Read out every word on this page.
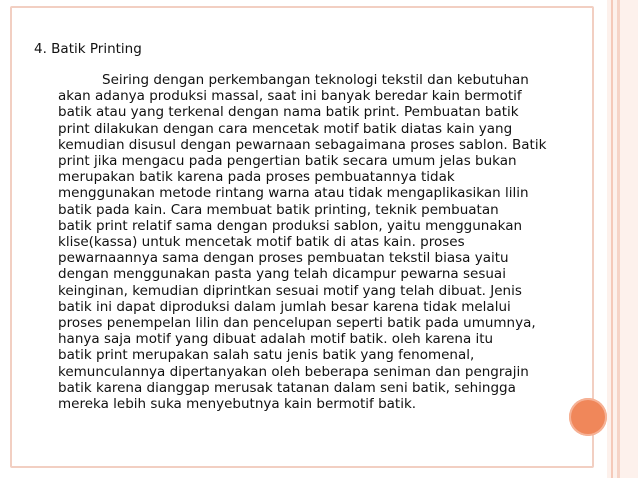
4. Batik Printing

Seiring dengan perkembangan teknologi tekstil dan kebutuhan
akan adanya produksi massal, saat ini banyak beredar kain bermotif
batik atau yang terkenal dengan nama batik print. Pembuatan batik
print dilakukan dengan cara mencetak motif batik diatas kain yang
kemudian disusul dengan pewarnaan sebagaimana proses sablon. Batik
print jika mengacu pada pengertian batik secara umum jelas bukan
merupakan batik karena pada proses pembuatannya tidak
menggunakan metode rintang warna atau tidak mengaplikasikan lilin
batik pada kain. Cara membuat batik printing, teknik pembuatan
batik print relatif sama dengan produksi sablon, yaitu menggunakan
klise(kassa) untuk mencetak motif batik di atas kain. proses
pewarnaannya sama dengan proses pembuatan tekstil biasa yaitu
dengan menggunakan pasta yang telah dicampur pewarna sesuai
keinginan, kemudian diprintkan sesuai motif yang telah dibuat. Jenis
batik ini dapat diproduksi dalam jumlah besar karena tidak melalui
proses penempelan lilin dan pencelupan seperti batik pada umumnya,
hanya saja motif yang dibuat adalah motif batik. oleh karena itu
batik print merupakan salah satu jenis batik yang fenomenal,
kemunculannya dipertanyakan oleh beberapa seniman dan pengrajin
batik karena dianggap merusak tatanan dalam seni batik, sehingga
mereka lebih suka menyebutnya kain bermotif batik.
